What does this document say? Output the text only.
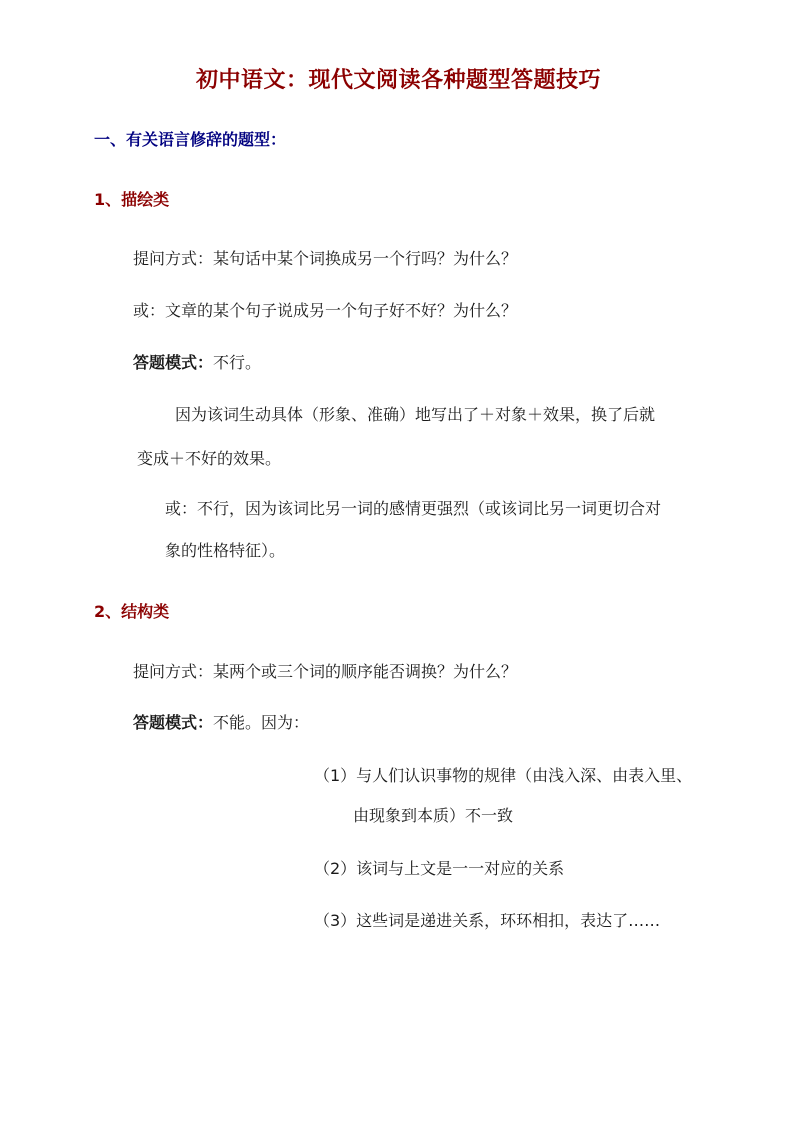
初中语文：现代文阅读各种题型答题技巧
一、有关语言修辞的题型：
1、描绘类
提问方式：某句话中某个词换成另一个行吗？为什么？
或：文章的某个句子说成另一个句子好不好？为什么？
答题模式：不行。
因为该词生动具体（形象、准确）地写出了＋对象＋效果，换了后就
变成＋不好的效果。
或：不行，因为该词比另一词的感情更强烈（或该词比另一词更切合对
象的性格特征）。
2、结构类
提问方式：某两个或三个词的顺序能否调换？为什么？
答题模式：不能。因为：
（1）与人们认识事物的规律（由浅入深、由表入里、
由现象到本质）不一致
（2）该词与上文是一一对应的关系
（3）这些词是递进关系，环环相扣，表达了……
